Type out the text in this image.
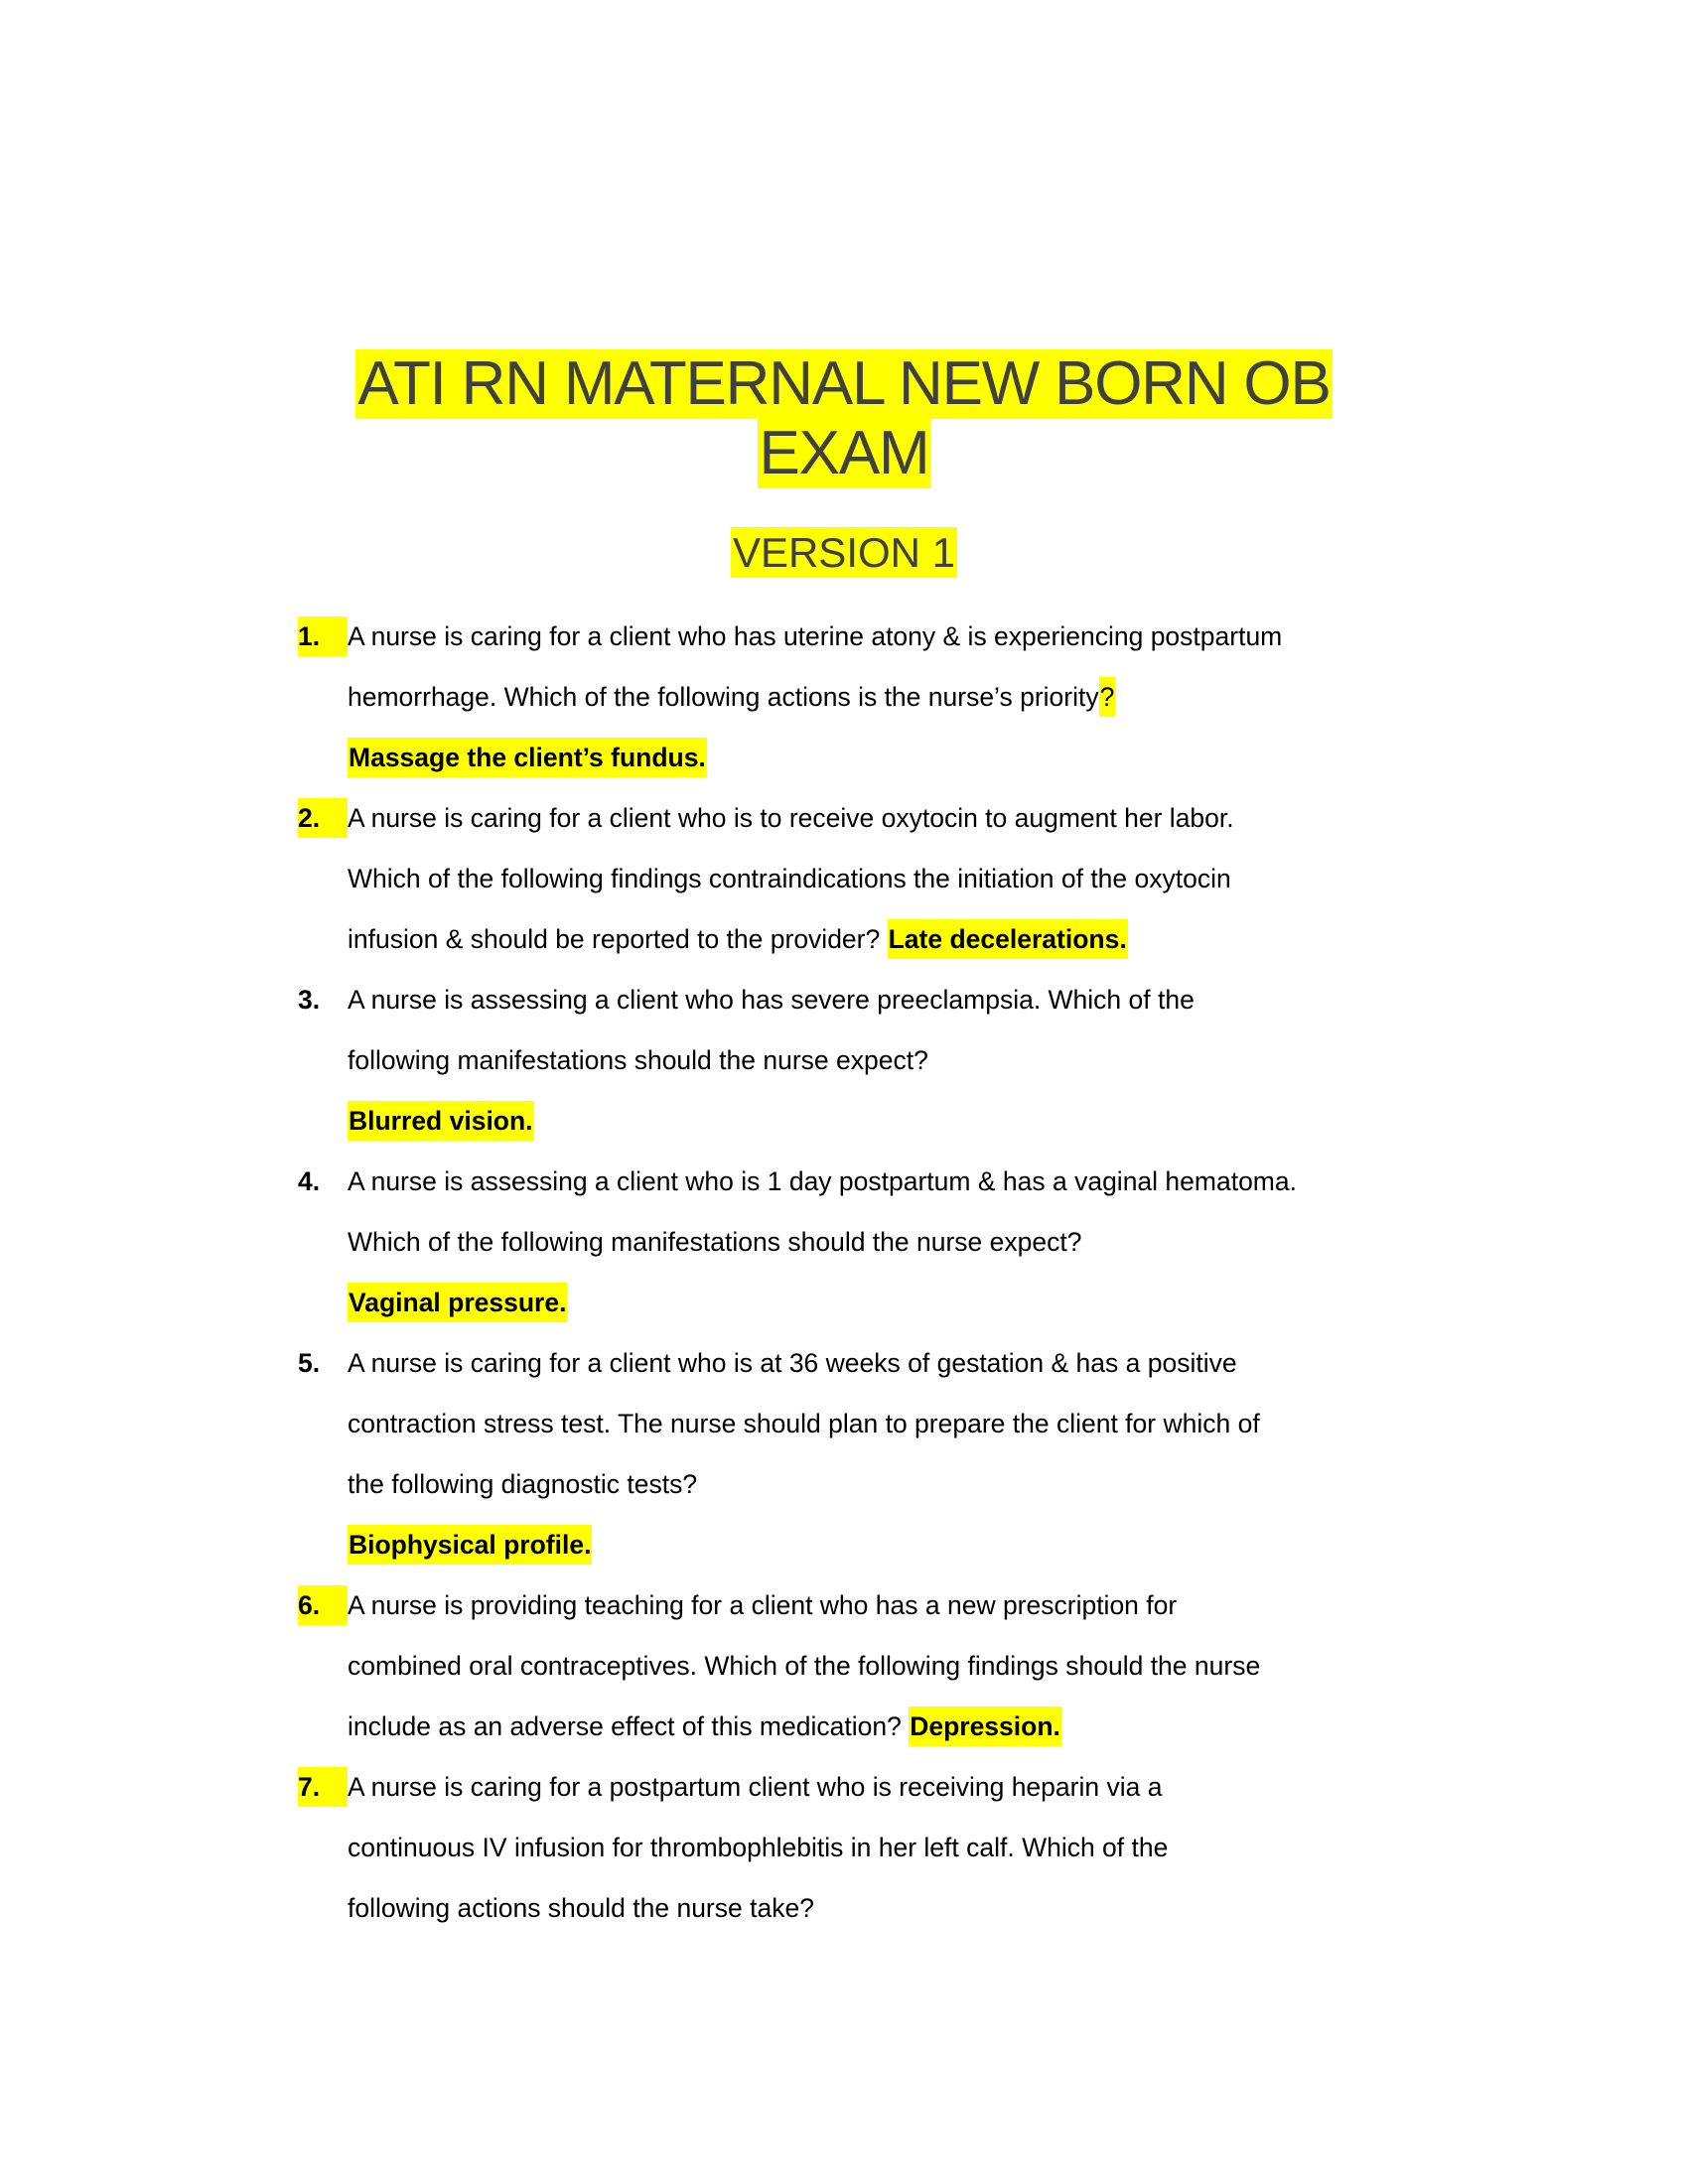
ATI RN MATERNAL NEW BORN OB
EXAM
VERSION 1
1.	A nurse is caring for a client who has uterine atony & is experiencing postpartum
hemorrhage. Which of the following actions is the nurse’s priority?
Massage the client’s fundus.
2.	A nurse is caring for a client who is to receive oxytocin to augment her labor.
Which of the following findings contraindications the initiation of the oxytocin
infusion & should be reported to the provider? Late decelerations.
3.	A nurse is assessing a client who has severe preeclampsia. Which of the
following manifestations should the nurse expect?
Blurred vision.
4.	A nurse is assessing a client who is 1 day postpartum & has a vaginal hematoma.
Which of the following manifestations should the nurse expect?
Vaginal pressure.
5.	A nurse is caring for a client who is at 36 weeks of gestation & has a positive
contraction stress test. The nurse should plan to prepare the client for which of
the following diagnostic tests?
Biophysical profile.
6.	A nurse is providing teaching for a client who has a new prescription for
combined oral contraceptives. Which of the following findings should the nurse
include as an adverse effect of this medication? Depression.
7.	A nurse is caring for a postpartum client who is receiving heparin via a
continuous IV infusion for thrombophlebitis in her left calf. Which of the
following actions should the nurse take?
